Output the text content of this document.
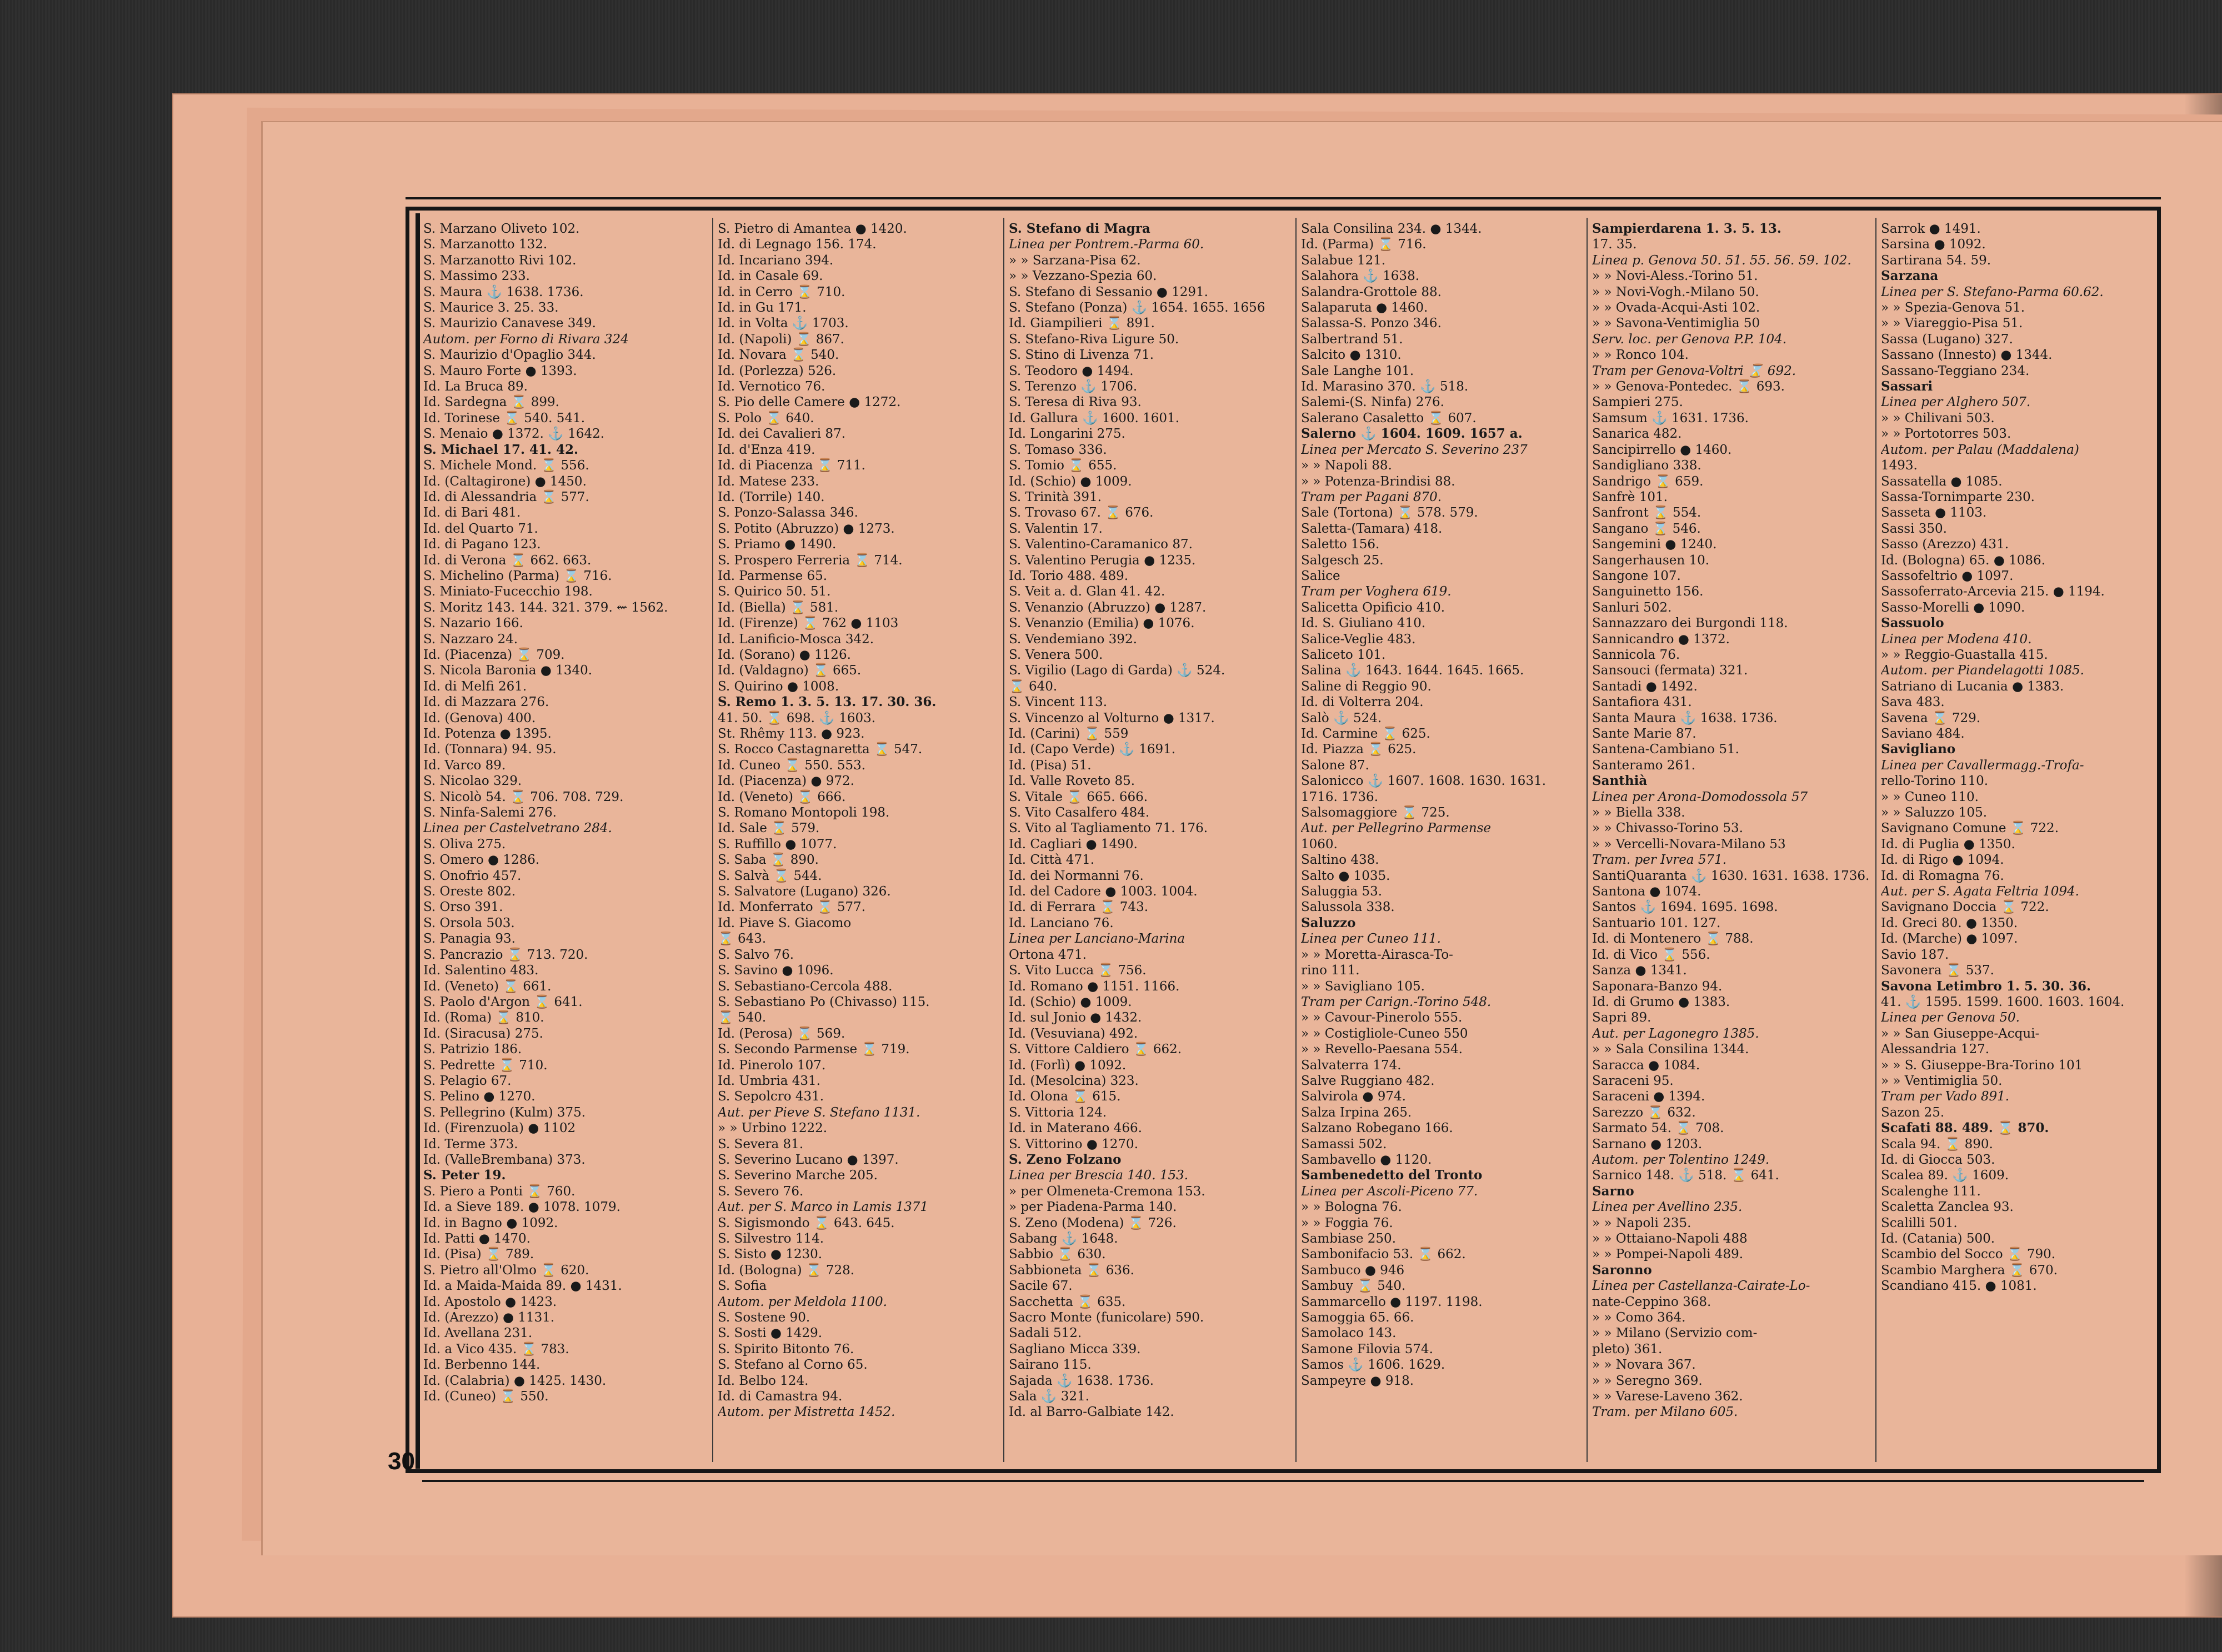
S. Marzano Oliveto 102.
S. Marzanotto 132.
S. Marzanotto Rivi 102.
S. Massimo 233.
S. Maura ⚓ 1638. 1736.
S. Maurice 3. 25. 33.
S. Maurizio Canavese 349.
Autom. per Forno di Rivara 324
S. Maurizio d'Opaglio 344.
S. Mauro Forte ● 1393.
Id. La Bruca 89.
Id. Sardegna ⌛ 899.
Id. Torinese ⌛ 540. 541.
S. Menaio ● 1372. ⚓ 1642.
S. Michael 17. 41. 42.
S. Michele Mond. ⌛ 556.
Id. (Caltagirone) ● 1450.
Id. di Alessandria ⌛ 577.
Id. di Bari 481.
Id. del Quarto 71.
Id. di Pagano 123.
Id. di Verona ⌛ 662. 663.
S. Michelino (Parma) ⌛ 716.
S. Miniato-Fucecchio 198.
S. Moritz 143. 144. 321. 379. ⇜ 1562.
S. Nazario 166.
S. Nazzaro 24.
Id. (Piacenza) ⌛ 709.
S. Nicola Baronia ● 1340.
Id. di Melfi 261.
Id. di Mazzara 276.
Id. (Genova) 400.
Id. Potenza ● 1395.
Id. (Tonnara) 94. 95.
Id. Varco 89.
S. Nicolao 329.
S. Nicolò 54. ⌛ 706. 708. 729.
S. Ninfa-Salemi 276.
Linea per Castelvetrano 284.
S. Oliva 275.
S. Omero ● 1286.
S. Onofrio 457.
S. Oreste 802.
S. Orso 391.
S. Orsola 503.
S. Panagia 93.
S. Pancrazio ⌛ 713. 720.
Id. Salentino 483.
Id. (Veneto) ⌛ 661.
S. Paolo d'Argon ⌛ 641.
Id. (Roma) ⌛ 810.
Id. (Siracusa) 275.
S. Patrizio 186.
S. Pedrette ⌛ 710.
S. Pelagio 67.
S. Pelino ● 1270.
S. Pellegrino (Kulm) 375.
Id. (Firenzuola) ● 1102
Id. Terme 373.
Id. (ValleBrembana) 373.
S. Peter 19.
S. Piero a Ponti ⌛ 760.
Id. a Sieve 189. ● 1078. 1079.
Id. in Bagno ● 1092.
Id. Patti ● 1470.
Id. (Pisa) ⌛ 789.
S. Pietro all'Olmo ⌛ 620.
Id. a Maida-Maida 89. ● 1431.
Id. Apostolo ● 1423.
Id. (Arezzo) ● 1131.
Id. Avellana 231.
Id. a Vico 435. ⌛ 783.
Id. Berbenno 144.
Id. (Calabria) ● 1425. 1430.
Id. (Cuneo) ⌛ 550.
S. Pietro di Amantea ● 1420.
Id. di Legnago 156. 174.
Id. Incariano 394.
Id. in Casale 69.
Id. in Cerro ⌛ 710.
Id. in Gu 171.
Id. in Volta ⚓ 1703.
Id. (Napoli) ⌛ 867.
Id. Novara ⌛ 540.
Id. (Porlezza) 526.
Id. Vernotico 76.
S. Pio delle Camere ● 1272.
S. Polo ⌛ 640.
Id. dei Cavalieri 87.
Id. d'Enza 419.
Id. di Piacenza ⌛ 711.
Id. Matese 233.
Id. (Torrile) 140.
S. Ponzo-Salassa 346.
S. Potito (Abruzzo) ● 1273.
S. Priamo ● 1490.
S. Prospero Ferreria ⌛ 714.
Id. Parmense 65.
S. Quirico 50. 51.
Id. (Biella) ⌛ 581.
Id. (Firenze) ⌛ 762 ● 1103
Id. Lanificio-Mosca 342.
Id. (Sorano) ● 1126.
Id. (Valdagno) ⌛ 665.
S. Quirino ● 1008.
S. Remo 1. 3. 5. 13. 17. 30. 36.
41. 50. ⌛ 698. ⚓ 1603.
St. Rhêmy 113. ● 923.
S. Rocco Castagnaretta ⌛ 547.
Id. Cuneo ⌛ 550. 553.
Id. (Piacenza) ● 972.
Id. (Veneto) ⌛ 666.
S. Romano Montopoli 198.
Id. Sale ⌛ 579.
S. Ruffillo ● 1077.
S. Saba ⌛ 890.
S. Salvà ⌛ 544.
S. Salvatore (Lugano) 326.
Id. Monferrato ⌛ 577.
Id. Piave S. Giacomo
⌛ 643.
S. Salvo 76.
S. Savino ● 1096.
S. Sebastiano-Cercola 488.
S. Sebastiano Po (Chivasso) 115.
⌛ 540.
Id. (Perosa) ⌛ 569.
S. Secondo Parmense ⌛ 719.
Id. Pinerolo 107.
Id. Umbria 431.
S. Sepolcro 431.
Aut. per Pieve S. Stefano 1131.
» » Urbino 1222.
S. Severa 81.
S. Severino Lucano ● 1397.
S. Severino Marche 205.
S. Severo 76.
Aut. per S. Marco in Lamis 1371
S. Sigismondo ⌛ 643. 645.
S. Silvestro 114.
S. Sisto ● 1230.
Id. (Bologna) ⌛ 728.
S. Sofia
Autom. per Meldola 1100.
S. Sostene 90.
S. Sosti ● 1429.
S. Spirito Bitonto 76.
S. Stefano al Corno 65.
Id. Belbo 124.
Id. di Camastra 94.
Autom. per Mistretta 1452.
S. Stefano di Magra
Linea per Pontrem.-Parma 60.
» » Sarzana-Pisa 62.
» » Vezzano-Spezia 60.
S. Stefano di Sessanio ● 1291.
S. Stefano (Ponza) ⚓ 1654. 1655. 1656
Id. Giampilieri ⌛ 891.
S. Stefano-Riva Ligure 50.
S. Stino di Livenza 71.
S. Teodoro ● 1494.
S. Terenzo ⚓ 1706.
S. Teresa di Riva 93.
Id. Gallura ⚓ 1600. 1601.
Id. Longarini 275.
S. Tomaso 336.
S. Tomio ⌛ 655.
Id. (Schio) ● 1009.
S. Trinità 391.
S. Trovaso 67. ⌛ 676.
S. Valentin 17.
S. Valentino-Caramanico 87.
S. Valentino Perugia ● 1235.
Id. Torio 488. 489.
S. Veit a. d. Glan 41. 42.
S. Venanzio (Abruzzo) ● 1287.
S. Venanzio (Emilia) ● 1076.
S. Vendemiano 392.
S. Venera 500.
S. Vigilio (Lago di Garda) ⚓ 524.
⌛ 640.
S. Vincent 113.
S. Vincenzo al Volturno ● 1317.
Id. (Carini) ⌛ 559
Id. (Capo Verde) ⚓ 1691.
Id. (Pisa) 51.
Id. Valle Roveto 85.
S. Vitale ⌛ 665. 666.
S. Vito Casalfero 484.
S. Vito al Tagliamento 71. 176.
Id. Cagliari ● 1490.
Id. Città 471.
Id. dei Normanni 76.
Id. del Cadore ● 1003. 1004.
Id. di Ferrara ⌛ 743.
Id. Lanciano 76.
Linea per Lanciano-Marina
Ortona 471.
S. Vito Lucca ⌛ 756.
Id. Romano ● 1151. 1166.
Id. (Schio) ● 1009.
Id. sul Jonio ● 1432.
Id. (Vesuviana) 492.
S. Vittore Caldiero ⌛ 662.
Id. (Forlì) ● 1092.
Id. (Mesolcina) 323.
Id. Olona ⌛ 615.
S. Vittoria 124.
Id. in Materano 466.
S. Vittorino ● 1270.
S. Zeno Folzano
Linea per Brescia 140. 153.
» per Olmeneta-Cremona 153.
» per Piadena-Parma 140.
S. Zeno (Modena) ⌛ 726.
Sabang ⚓ 1648.
Sabbio ⌛ 630.
Sabbioneta ⌛ 636.
Sacile 67.
Sacchetta ⌛ 635.
Sacro Monte (funicolare) 590.
Sadali 512.
Sagliano Micca 339.
Sairano 115.
Sajada ⚓ 1638. 1736.
Sala ⚓ 321.
Id. al Barro-Galbiate 142.
Sala Consilina 234. ● 1344.
Id. (Parma) ⌛ 716.
Salabue 121.
Salahora ⚓ 1638.
Salandra-Grottole 88.
Salaparuta ● 1460.
Salassa-S. Ponzo 346.
Salbertrand 51.
Salcito ● 1310.
Sale Langhe 101.
Id. Marasino 370. ⚓ 518.
Salemi-(S. Ninfa) 276.
Salerano Casaletto ⌛ 607.
Salerno ⚓ 1604. 1609. 1657 a.
Linea per Mercato S. Severino 237
» » Napoli 88.
» » Potenza-Brindisi 88.
Tram per Pagani 870.
Sale (Tortona) ⌛ 578. 579.
Saletta-(Tamara) 418.
Saletto 156.
Salgesch 25.
Salice
Tram per Voghera 619.
Salicetta Opificio 410.
Id. S. Giuliano 410.
Salice-Veglie 483.
Saliceto 101.
Salina ⚓ 1643. 1644. 1645. 1665.
Saline di Reggio 90.
Id. di Volterra 204.
Salò ⚓ 524.
Id. Carmine ⌛ 625.
Id. Piazza ⌛ 625.
Salone 87.
Salonicco ⚓ 1607. 1608. 1630. 1631.
1716. 1736.
Salsomaggiore ⌛ 725.
Aut. per Pellegrino Parmense
1060.
Saltino 438.
Salto ● 1035.
Saluggia 53.
Salussola 338.
Saluzzo
Linea per Cuneo 111.
» » Moretta-Airasca-To-
rino 111.
» » Savigliano 105.
Tram per Carign.-Torino 548.
» » Cavour-Pinerolo 555.
» » Costigliole-Cuneo 550
» » Revello-Paesana 554.
Salvaterra 174.
Salve Ruggiano 482.
Salvirola ● 974.
Salza Irpina 265.
Salzano Robegano 166.
Samassi 502.
Sambavello ● 1120.
Sambenedetto del Tronto
Linea per Ascoli-Piceno 77.
» » Bologna 76.
» » Foggia 76.
Sambiase 250.
Sambonifacio 53. ⌛ 662.
Sambuco ● 946
Sambuy ⌛ 540.
Sammarcello ● 1197. 1198.
Samoggia 65. 66.
Samolaco 143.
Samone Filovia 574.
Samos ⚓ 1606. 1629.
Sampeyre ● 918.
Sampierdarena 1. 3. 5. 13.
17. 35.
Linea p. Genova 50. 51. 55. 56. 59. 102.
» » Novi-Aless.-Torino 51.
» » Novi-Vogh.-Milano 50.
» » Ovada-Acqui-Asti 102.
» » Savona-Ventimiglia 50
Serv. loc. per Genova P.P. 104.
» » Ronco 104.
Tram per Genova-Voltri ⌛ 692.
» » Genova-Pontedec. ⌛ 693.
Sampieri 275.
Samsum ⚓ 1631. 1736.
Sanarica 482.
Sancipirrello ● 1460.
Sandigliano 338.
Sandrigo ⌛ 659.
Sanfrè 101.
Sanfront ⌛ 554.
Sangano ⌛ 546.
Sangemini ● 1240.
Sangerhausen 10.
Sangone 107.
Sanguinetto 156.
Sanluri 502.
Sannazzaro dei Burgondi 118.
Sannicandro ● 1372.
Sannicola 76.
Sansouci (fermata) 321.
Santadi ● 1492.
Santafiora 431.
Santa Maura ⚓ 1638. 1736.
Sante Marie 87.
Santena-Cambiano 51.
Santeramo 261.
Santhià
Linea per Arona-Domodossola 57
» » Biella 338.
» » Chivasso-Torino 53.
» » Vercelli-Novara-Milano 53
Tram. per Ivrea 571.
SantiQuaranta ⚓ 1630. 1631. 1638. 1736.
Santona ● 1074.
Santos ⚓ 1694. 1695. 1698.
Santuario 101. 127.
Id. di Montenero ⌛ 788.
Id. di Vico ⌛ 556.
Sanza ● 1341.
Saponara-Banzo 94.
Id. di Grumo ● 1383.
Sapri 89.
Aut. per Lagonegro 1385.
» » Sala Consilina 1344.
Saracca ● 1084.
Saraceni 95.
Saraceni ● 1394.
Sarezzo ⌛ 632.
Sarmato 54. ⌛ 708.
Sarnano ● 1203.
Autom. per Tolentino 1249.
Sarnico 148. ⚓ 518. ⌛ 641.
Sarno
Linea per Avellino 235.
» » Napoli 235.
» » Ottaiano-Napoli 488
» » Pompei-Napoli 489.
Saronno
Linea per Castellanza-Cairate-Lo-
nate-Ceppino 368.
» » Como 364.
» » Milano (Servizio com-
pleto) 361.
» » Novara 367.
» » Seregno 369.
» » Varese-Laveno 362.
Tram. per Milano 605.
Sarrok ● 1491.
Sarsina ● 1092.
Sartirana 54. 59.
Sarzana
Linea per S. Stefano-Parma 60.62.
» » Spezia-Genova 51.
» » Viareggio-Pisa 51.
Sassa (Lugano) 327.
Sassano (Innesto) ● 1344.
Sassano-Teggiano 234.
Sassari
Linea per Alghero 507.
» » Chilivani 503.
» » Portotorres 503.
Autom. per Palau (Maddalena)
1493.
Sassatella ● 1085.
Sassa-Tornimparte 230.
Sasseta ● 1103.
Sassi 350.
Sasso (Arezzo) 431.
Id. (Bologna) 65. ● 1086.
Sassofeltrio ● 1097.
Sassoferrato-Arcevia 215. ● 1194.
Sasso-Morelli ● 1090.
Sassuolo
Linea per Modena 410.
» » Reggio-Guastalla 415.
Autom. per Piandelagotti 1085.
Satriano di Lucania ● 1383.
Sava 483.
Savena ⌛ 729.
Saviano 484.
Savigliano
Linea per Cavallermagg.-Trofa-
rello-Torino 110.
» » Cuneo 110.
» » Saluzzo 105.
Savignano Comune ⌛ 722.
Id. di Puglia ● 1350.
Id. di Rigo ● 1094.
Id. di Romagna 76.
Aut. per S. Agata Feltria 1094.
Savignano Doccia ⌛ 722.
Id. Greci 80. ● 1350.
Id. (Marche) ● 1097.
Savio 187.
Savonera ⌛ 537.
Savona Letimbro 1. 5. 30. 36.
41. ⚓ 1595. 1599. 1600. 1603. 1604.
Linea per Genova 50.
» » San Giuseppe-Acqui-
Alessandria 127.
» » S. Giuseppe-Bra-Torino 101
» » Ventimiglia 50.
Tram per Vado 891.
Sazon 25.
Scafati 88. 489. ⌛ 870.
Scala 94. ⌛ 890.
Id. di Giocca 503.
Scalea 89. ⚓ 1609.
Scalenghe 111.
Scaletta Zanclea 93.
Scalilli 501.
Id. (Catania) 500.
Scambio del Socco ⌛ 790.
Scambio Marghera ⌛ 670.
Scandiano 415. ● 1081.
30
